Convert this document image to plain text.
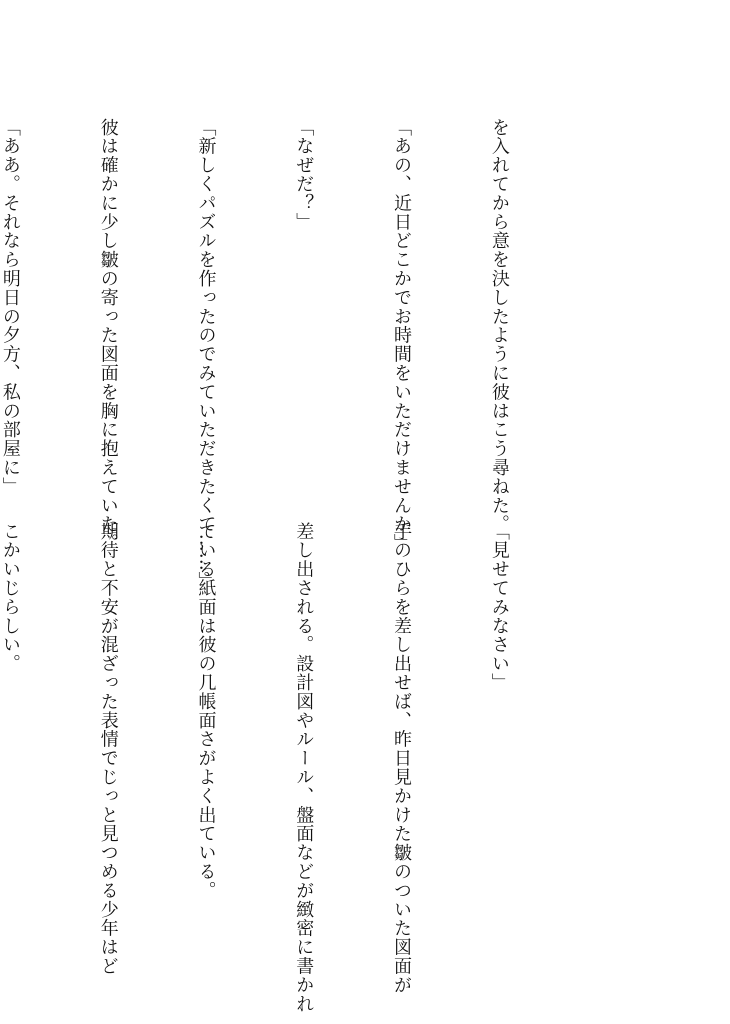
を入れてから意を決したように彼はこう尋ねた。

「あの、近日どこかでお時間をいただけませんか」

「なぜだ？」

「新しくパズルを作ったのでみていただきたくて……」

彼は確かに少し皺の寄った図面を胸に抱えていた。

「ああ。それなら明日の夕方、私の部屋に」

「見せてみなさい」

手のひらを差し出せば、昨日見かけた皺のついた図面が

差し出される。設計図やルール、盤面などが緻密に書かれ

ている紙面は彼の几帳面さがよく出ている。

期待と不安が混ざった表情でじっと見つめる少年はど

こかいじらしい。
